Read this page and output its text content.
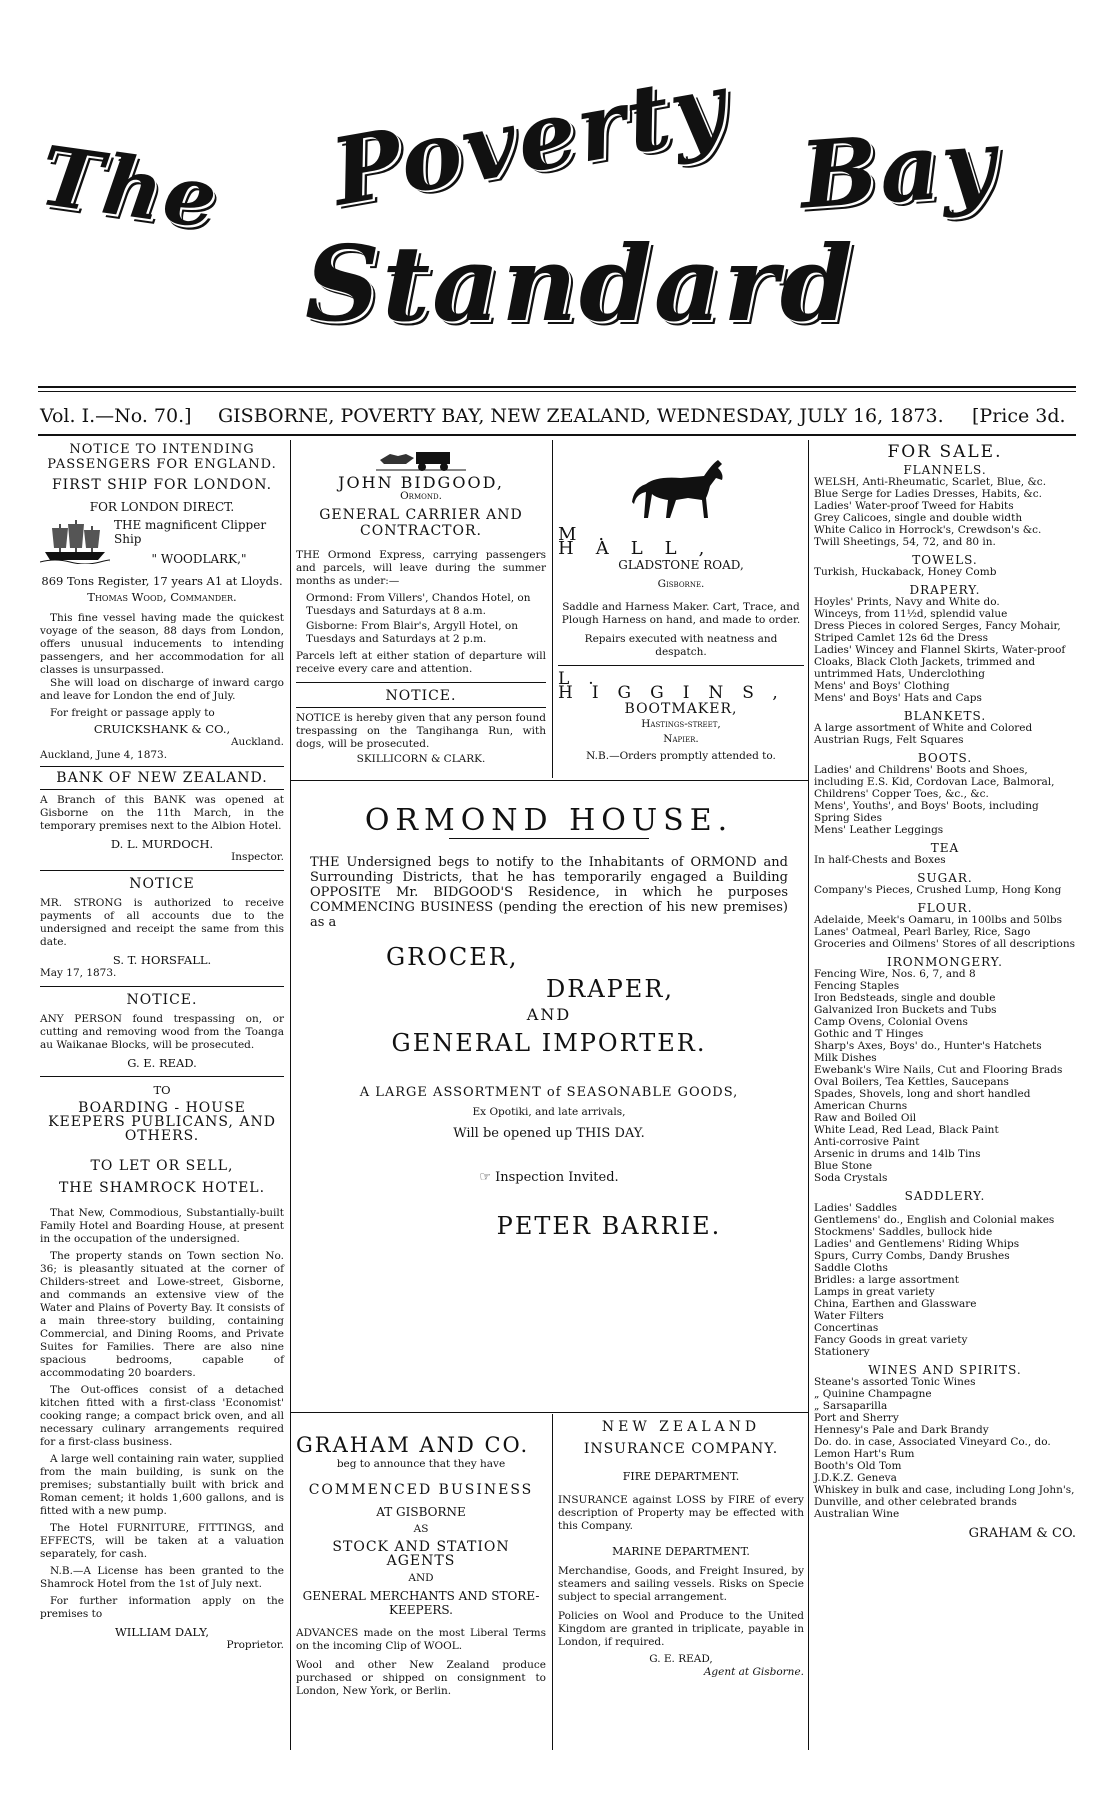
The Poverty Bay
Standard
Vol. I.—No. 70.] GISBORNE, POVERTY BAY, NEW ZEALAND, WEDNESDAY, JULY 16, 1873. [Price 3d.
NOTICE TO INTENDING PASSENGERS FOR ENGLAND.
FIRST SHIP FOR LONDON.
FOR LONDON DIRECT.

THE magnificent Clipper Ship

" WOODLARK,"

869 Tons Register, 17 years A1 at Lloyds.

Thomas Wood, Commander.

This fine vessel having made the quickest voyage of the season, 88 days from London, offers unusual inducements to intending passengers, and her accommodation for all classes is unsurpassed.

She will load on discharge of inward cargo and leave for London the end of July.

For freight or passage apply to

CRUICKSHANK & CO.,

Auckland.

Auckland, June 4, 1873.

BANK OF NEW ZEALAND.

A Branch of this BANK was opened at Gisborne on the 11th March, in the temporary premises next to the Albion Hotel.

D. L. MURDOCH.

Inspector.

NOTICE

MR. STRONG is authorized to receive payments of all accounts due to the undersigned and receipt the same from this date.

S. T. HORSFALL.

May 17, 1873.

NOTICE.

ANY PERSON found trespassing on, or cutting and removing wood from the Toanga au Waikanae Blocks, will be prosecuted.

G. E. READ.

TO
BOARDING - HOUSE KEEPERS PUBLICANS, AND OTHERS.
TO LET OR SELL,
THE SHAMROCK HOTEL.

That New, Commodious, Substantially-built Family Hotel and Boarding House, at present in the occupation of the undersigned.

The property stands on Town section No. 36; is pleasantly situated at the corner of Childers-street and Lowe-street, Gisborne, and commands an extensive view of the Water and Plains of Poverty Bay. It consists of a main three-story building, containing Commercial, and Dining Rooms, and Private Suites for Families. There are also nine spacious bedrooms, capable of accommodating 20 boarders.

The Out-offices consist of a detached kitchen fitted with a first-class 'Economist' cooking range; a compact brick oven, and all necessary culinary arrangements required for a first-class business.

A large well containing rain water, supplied from the main building, is sunk on the premises; substantially built with brick and Roman cement; it holds 1,600 gallons, and is fitted with a new pump.

The Hotel FURNITURE, FITTINGS, and EFFECTS, will be taken at a valuation separately, for cash.

N.B.—A License has been granted to the Shamrock Hotel from the 1st of July next.

For further information apply on the premises to

WILLIAM DALY,

Proprietor.

JOHN BIDGOOD,
Ormond.
GENERAL CARRIER AND CONTRACTOR.

THE Ormond Express, carrying passengers and parcels, will leave during the summer months as under:—

Ormond: From Villers', Chandos Hotel, on Tuesdays and Saturdays at 8 a.m.

Gisborne: From Blair's, Argyll Hotel, on Tuesdays and Saturdays at 2 p.m.

Parcels left at either station of departure will receive every care and attention.

NOTICE.

NOTICE is hereby given that any person found trespassing on the Tangihanga Run, with dogs, will be prosecuted.

SKILLICORN & CLARK.

M. HALL,
GLADSTONE ROAD,
Gisborne.

Saddle and Harness Maker. Cart, Trace, and Plough Harness on hand, and made to order.

Repairs executed with neatness and despatch.

L. HIGGINS,
BOOTMAKER,
Hastings-street,
Napier.

N.B.—Orders promptly attended to.

ORMOND HOUSE.

THE Undersigned begs to notify to the Inhabitants of ORMOND and Surrounding Districts, that he has temporarily engaged a Building OPPOSITE Mr. BIDGOOD'S Residence, in which he purposes COMMENCING BUSINESS (pending the erection of his new premises) as a

GROCER,
DRAPER,
AND
GENERAL IMPORTER.
A LARGE ASSORTMENT of SEASONABLE GOODS,
Ex Opotiki, and late arrivals,
Will be opened up THIS DAY.
☞ Inspection Invited.
PETER BARRIE.
GRAHAM AND CO.

beg to announce that they have

COMMENCED BUSINESS
AT GISBORNE
AS
STOCK AND STATION AGENTS
AND
GENERAL MERCHANTS AND STORE-KEEPERS.

ADVANCES made on the most Liberal Terms on the incoming Clip of WOOL.

Wool and other New Zealand produce purchased or shipped on consignment to London, New York, or Berlin.

NEW ZEALAND
INSURANCE COMPANY.
FIRE DEPARTMENT.

INSURANCE against LOSS by FIRE of every description of Property may be effected with this Company.

MARINE DEPARTMENT.

Merchandise, Goods, and Freight Insured, by steamers and sailing vessels. Risks on Specie subject to special arrangement.

Policies on Wool and Produce to the United Kingdom are granted in triplicate, payable in London, if required.

G. E. READ,

Agent at Gisborne.

FOR SALE.
FLANNELS.

WELSH, Anti-Rheumatic, Scarlet, Blue, &c.

Blue Serge for Ladies Dresses, Habits, &c.

Ladies' Water-proof Tweed for Habits

Grey Calicoes, single and double width

White Calico in Horrock's, Crewdson's &c.

Twill Sheetings, 54, 72, and 80 in.

TOWELS.

Turkish, Huckaback, Honey Comb

DRAPERY.

Hoyles' Prints, Navy and White do.

Winceys, from 11½d, splendid value

Dress Pieces in colored Serges, Fancy Mohair, Striped Camlet 12s 6d the Dress

Ladies' Wincey and Flannel Skirts, Water-proof Cloaks, Black Cloth Jackets, trimmed and untrimmed Hats, Underclothing

Mens' and Boys' Clothing

Mens' and Boys' Hats and Caps

BLANKETS.

A large assortment of White and Colored Austrian Rugs, Felt Squares

BOOTS.

Ladies' and Childrens' Boots and Shoes, including E.S. Kid, Cordovan Lace, Balmoral, Childrens' Copper Toes, &c., &c.

Mens', Youths', and Boys' Boots, including Spring Sides

Mens' Leather Leggings

TEA

In half-Chests and Boxes

SUGAR.

Company's Pieces, Crushed Lump, Hong Kong

FLOUR.

Adelaide, Meek's Oamaru, in 100lbs and 50lbs

Lanes' Oatmeal, Pearl Barley, Rice, Sago

Groceries and Oilmens' Stores of all descriptions

IRONMONGERY.

Fencing Wire, Nos. 6, 7, and 8

Fencing Staples

Iron Bedsteads, single and double

Galvanized Iron Buckets and Tubs

Camp Ovens, Colonial Ovens

Gothic and T Hinges

Sharp's Axes, Boys' do., Hunter's Hatchets

Milk Dishes

Ewebank's Wire Nails, Cut and Flooring Brads

Oval Boilers, Tea Kettles, Saucepans

Spades, Shovels, long and short handled

American Churns

Raw and Boiled Oil

White Lead, Red Lead, Black Paint

Anti-corrosive Paint

Arsenic in drums and 14lb Tins

Blue Stone

Soda Crystals

SADDLERY.

Ladies' Saddles

Gentlemens' do., English and Colonial makes

Stockmens' Saddles, bullock hide

Ladies' and Gentlemens' Riding Whips

Spurs, Curry Combs, Dandy Brushes

Saddle Cloths

Bridles: a large assortment

Lamps in great variety

China, Earthen and Glassware

Water Filters

Concertinas

Fancy Goods in great variety

Stationery

WINES AND SPIRITS.

Steane's assorted Tonic Wines

„ Quinine Champagne

„ Sarsaparilla

Port and Sherry

Hennesy's Pale and Dark Brandy

Do. do. in case, Associated Vineyard Co., do.

Lemon Hart's Rum

Booth's Old Tom

J.D.K.Z. Geneva

Whiskey in bulk and case, including Long John's, Dunville, and other celebrated brands

Australian Wine

GRAHAM & CO.
